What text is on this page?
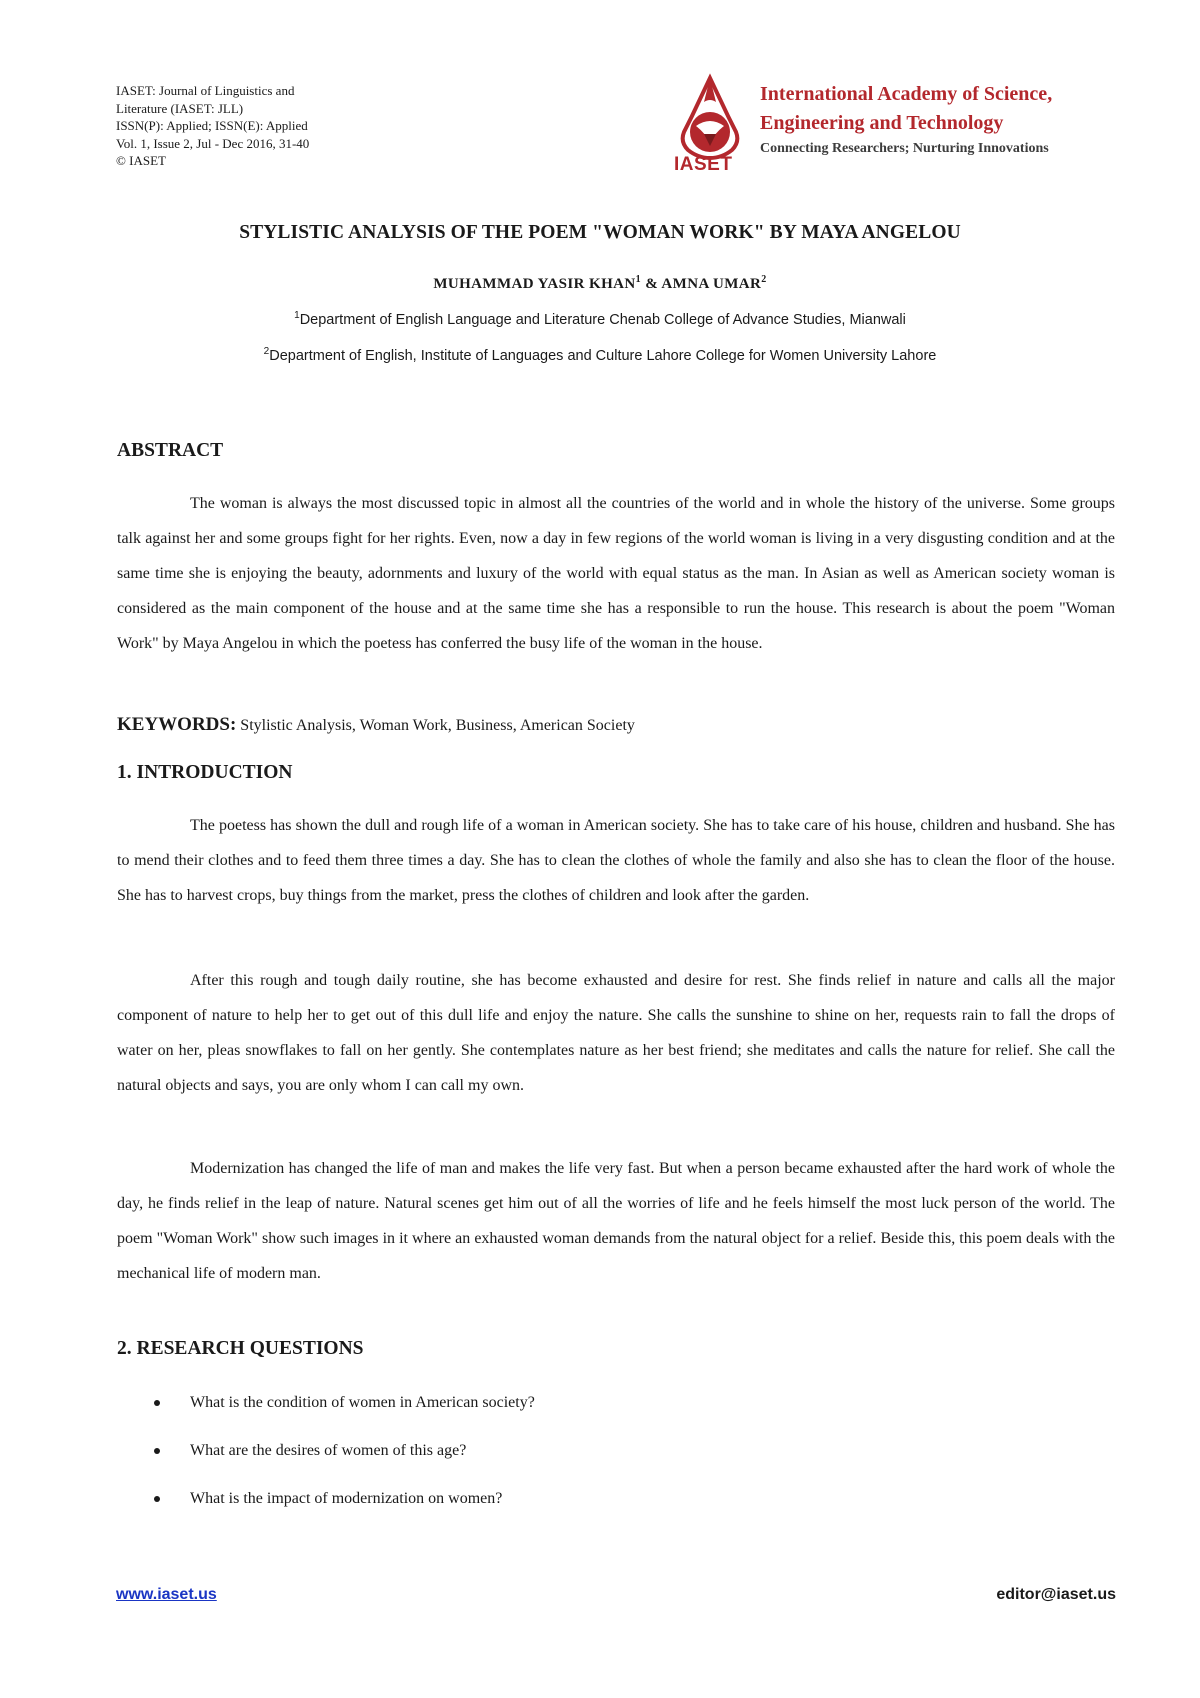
IASET: Journal of Linguistics and
Literature (IASET: JLL)
ISSN(P): Applied; ISSN(E): Applied
Vol. 1, Issue 2, Jul - Dec 2016, 31-40
© IASET	IASET
International Academy of Science,
Engineering and Technology
Connecting Researchers; Nurturing Innovations
STYLISTIC ANALYSIS OF THE POEM "WOMAN WORK" BY MAYA ANGELOU
MUHAMMAD YASIR KHAN$^1$ & AMNA UMAR$^2$
$^1$Department of English Language and Literature Chenab College of Advance Studies, Mianwali
$^2$Department of English, Institute of Languages and Culture Lahore College for Women University Lahore
ABSTRACT
The woman is always the most discussed topic in almost all the countries of the world and in whole the history of the universe. Some groups talk against her and some groups fight for her rights. Even, now a day in few regions of the world woman is living in a very disgusting condition and at the same time she is enjoying the beauty, adornments and luxury of the world with equal status as the man. In Asian as well as American society woman is considered as the main component of the house and at the same time she has a responsible to run the house. This research is about the poem "Woman Work" by Maya Angelou in which the poetess has conferred the busy life of the woman in the house.
KEYWORDS: Stylistic Analysis, Woman Work, Business, American Society
1. INTRODUCTION
The poetess has shown the dull and rough life of a woman in American society. She has to take care of his house, children and husband. She has to mend their clothes and to feed them three times a day. She has to clean the clothes of whole the family and also she has to clean the floor of the house. She has to harvest crops, buy things from the market, press the clothes of children and look after the garden.
After this rough and tough daily routine, she has become exhausted and desire for rest. She finds relief in nature and calls all the major component of nature to help her to get out of this dull life and enjoy the nature. She calls the sunshine to shine on her, requests rain to fall the drops of water on her, pleas snowflakes to fall on her gently. She contemplates nature as her best friend; she meditates and calls the nature for relief. She call the natural objects and says, you are only whom I can call my own.
Modernization has changed the life of man and makes the life very fast. But when a person became exhausted after the hard work of whole the day, he finds relief in the leap of nature. Natural scenes get him out of all the worries of life and he feels himself the most luck person of the world. The poem "Woman Work" show such images in it where an exhausted woman demands from the natural object for a relief. Beside this, this poem deals with the mechanical life of modern man.
2. RESEARCH QUESTIONS
What is the condition of women in American society?
What are the desires of women of this age?
What is the impact of modernization on women?
www.iaset.us	editor@iaset.us
